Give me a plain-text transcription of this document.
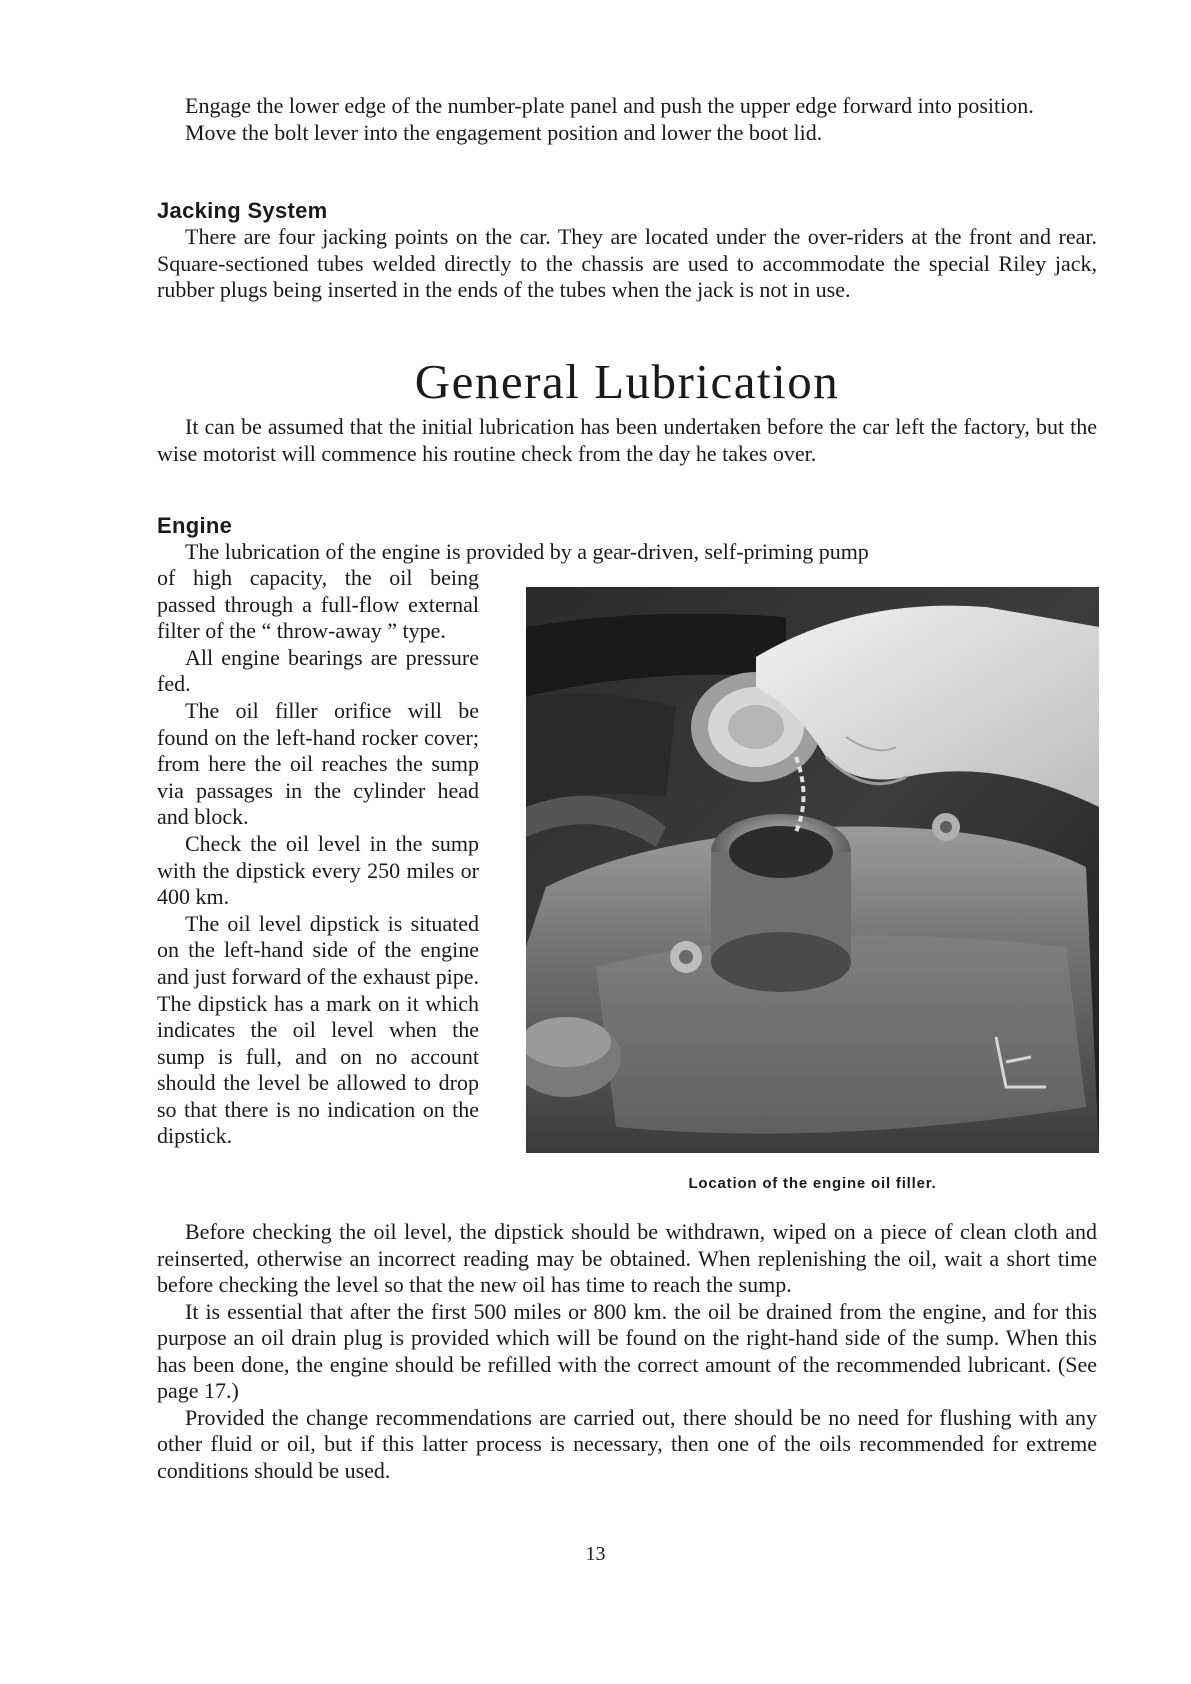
Engage the lower edge of the number-plate panel and push the upper edge forward into position.

Move the bolt lever into the engagement position and lower the boot lid.

Jacking System

There are four jacking points on the car. They are located under the over-riders at the front and rear. Square-sectioned tubes welded directly to the chassis are used to accommodate the special Riley jack, rubber plugs being inserted in the ends of the tubes when the jack is not in use.

General Lubrication

It can be assumed that the initial lubrication has been undertaken before the car left the factory, but the wise motorist will commence his routine check from the day he takes over.

Engine

The lubrication of the engine is provided by a gear-driven, self-priming pump

of high capacity, the oil being passed through a full-flow external filter of the “ throw-away ” type.

All engine bearings are pressure fed.

The oil filler orifice will be found on the left-hand rocker cover; from here the oil reaches the sump via passages in the cylinder head and block.

Check the oil level in the sump with the dipstick every 250 miles or 400 km.

The oil level dipstick is situated on the left-hand side of the engine and just forward of the exhaust pipe. The dipstick has a mark on it which indicates the oil level when the sump is full, and on no account should the level be allowed to drop so that there is no indication on the dipstick.

Location of the engine oil filler.

Before checking the oil level, the dipstick should be withdrawn, wiped on a piece of clean cloth and reinserted, otherwise an incorrect reading may be obtained. When replenishing the oil, wait a short time before checking the level so that the new oil has time to reach the sump.

It is essential that after the first 500 miles or 800 km. the oil be drained from the engine, and for this purpose an oil drain plug is provided which will be found on the right-hand side of the sump. When this has been done, the engine should be refilled with the correct amount of the recommended lubricant. (See page 17.)

Provided the change recommendations are carried out, there should be no need for flushing with any other fluid or oil, but if this latter process is necessary, then one of the oils recommended for extreme conditions should be used.

13
